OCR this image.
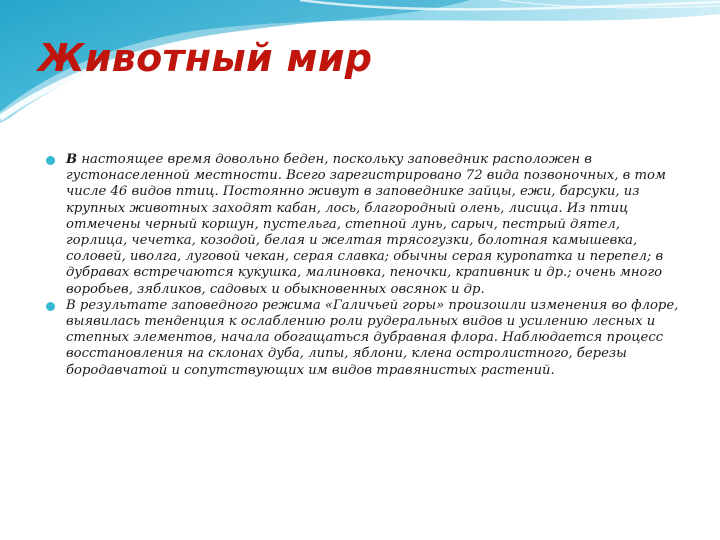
Животный мир
В настоящее время довольно беден, поскольку заповедник расположен в густонаселенной местности. Всего зарегистрировано 72 вида позвоночных, в том числе 46 видов птиц. Постоянно живут в заповеднике зайцы, ежи, барсуки, из крупных животных заходят кабан, лось, благородный олень, лисица. Из птиц отмечены черный коршун, пустельга, степной лунь, сарыч, пестрый дятел, горлица, чечетка, козодой, белая и желтая трясогузки, болотная камышевка, соловей, иволга, луговой чекан, серая славка; обычны серая куропатка и перепел; в дубравах встречаются кукушка, малиновка, пеночки, крапивник и др.; очень много воробьев, зябликов, садовых и обыкновенных овсянок и др.
В результате заповедного режима «Галичьей горы» произошли изменения во флоре, выявилась тенденция к ослаблению роли рудеральных видов и усилению лесных и степных элементов, начала обогащаться дубравная флора. Наблюдается процесс восстановления на склонах дуба, липы, яблони, клена остролистного, березы бородавчатой и сопутствующих им видов травянистых растений.
